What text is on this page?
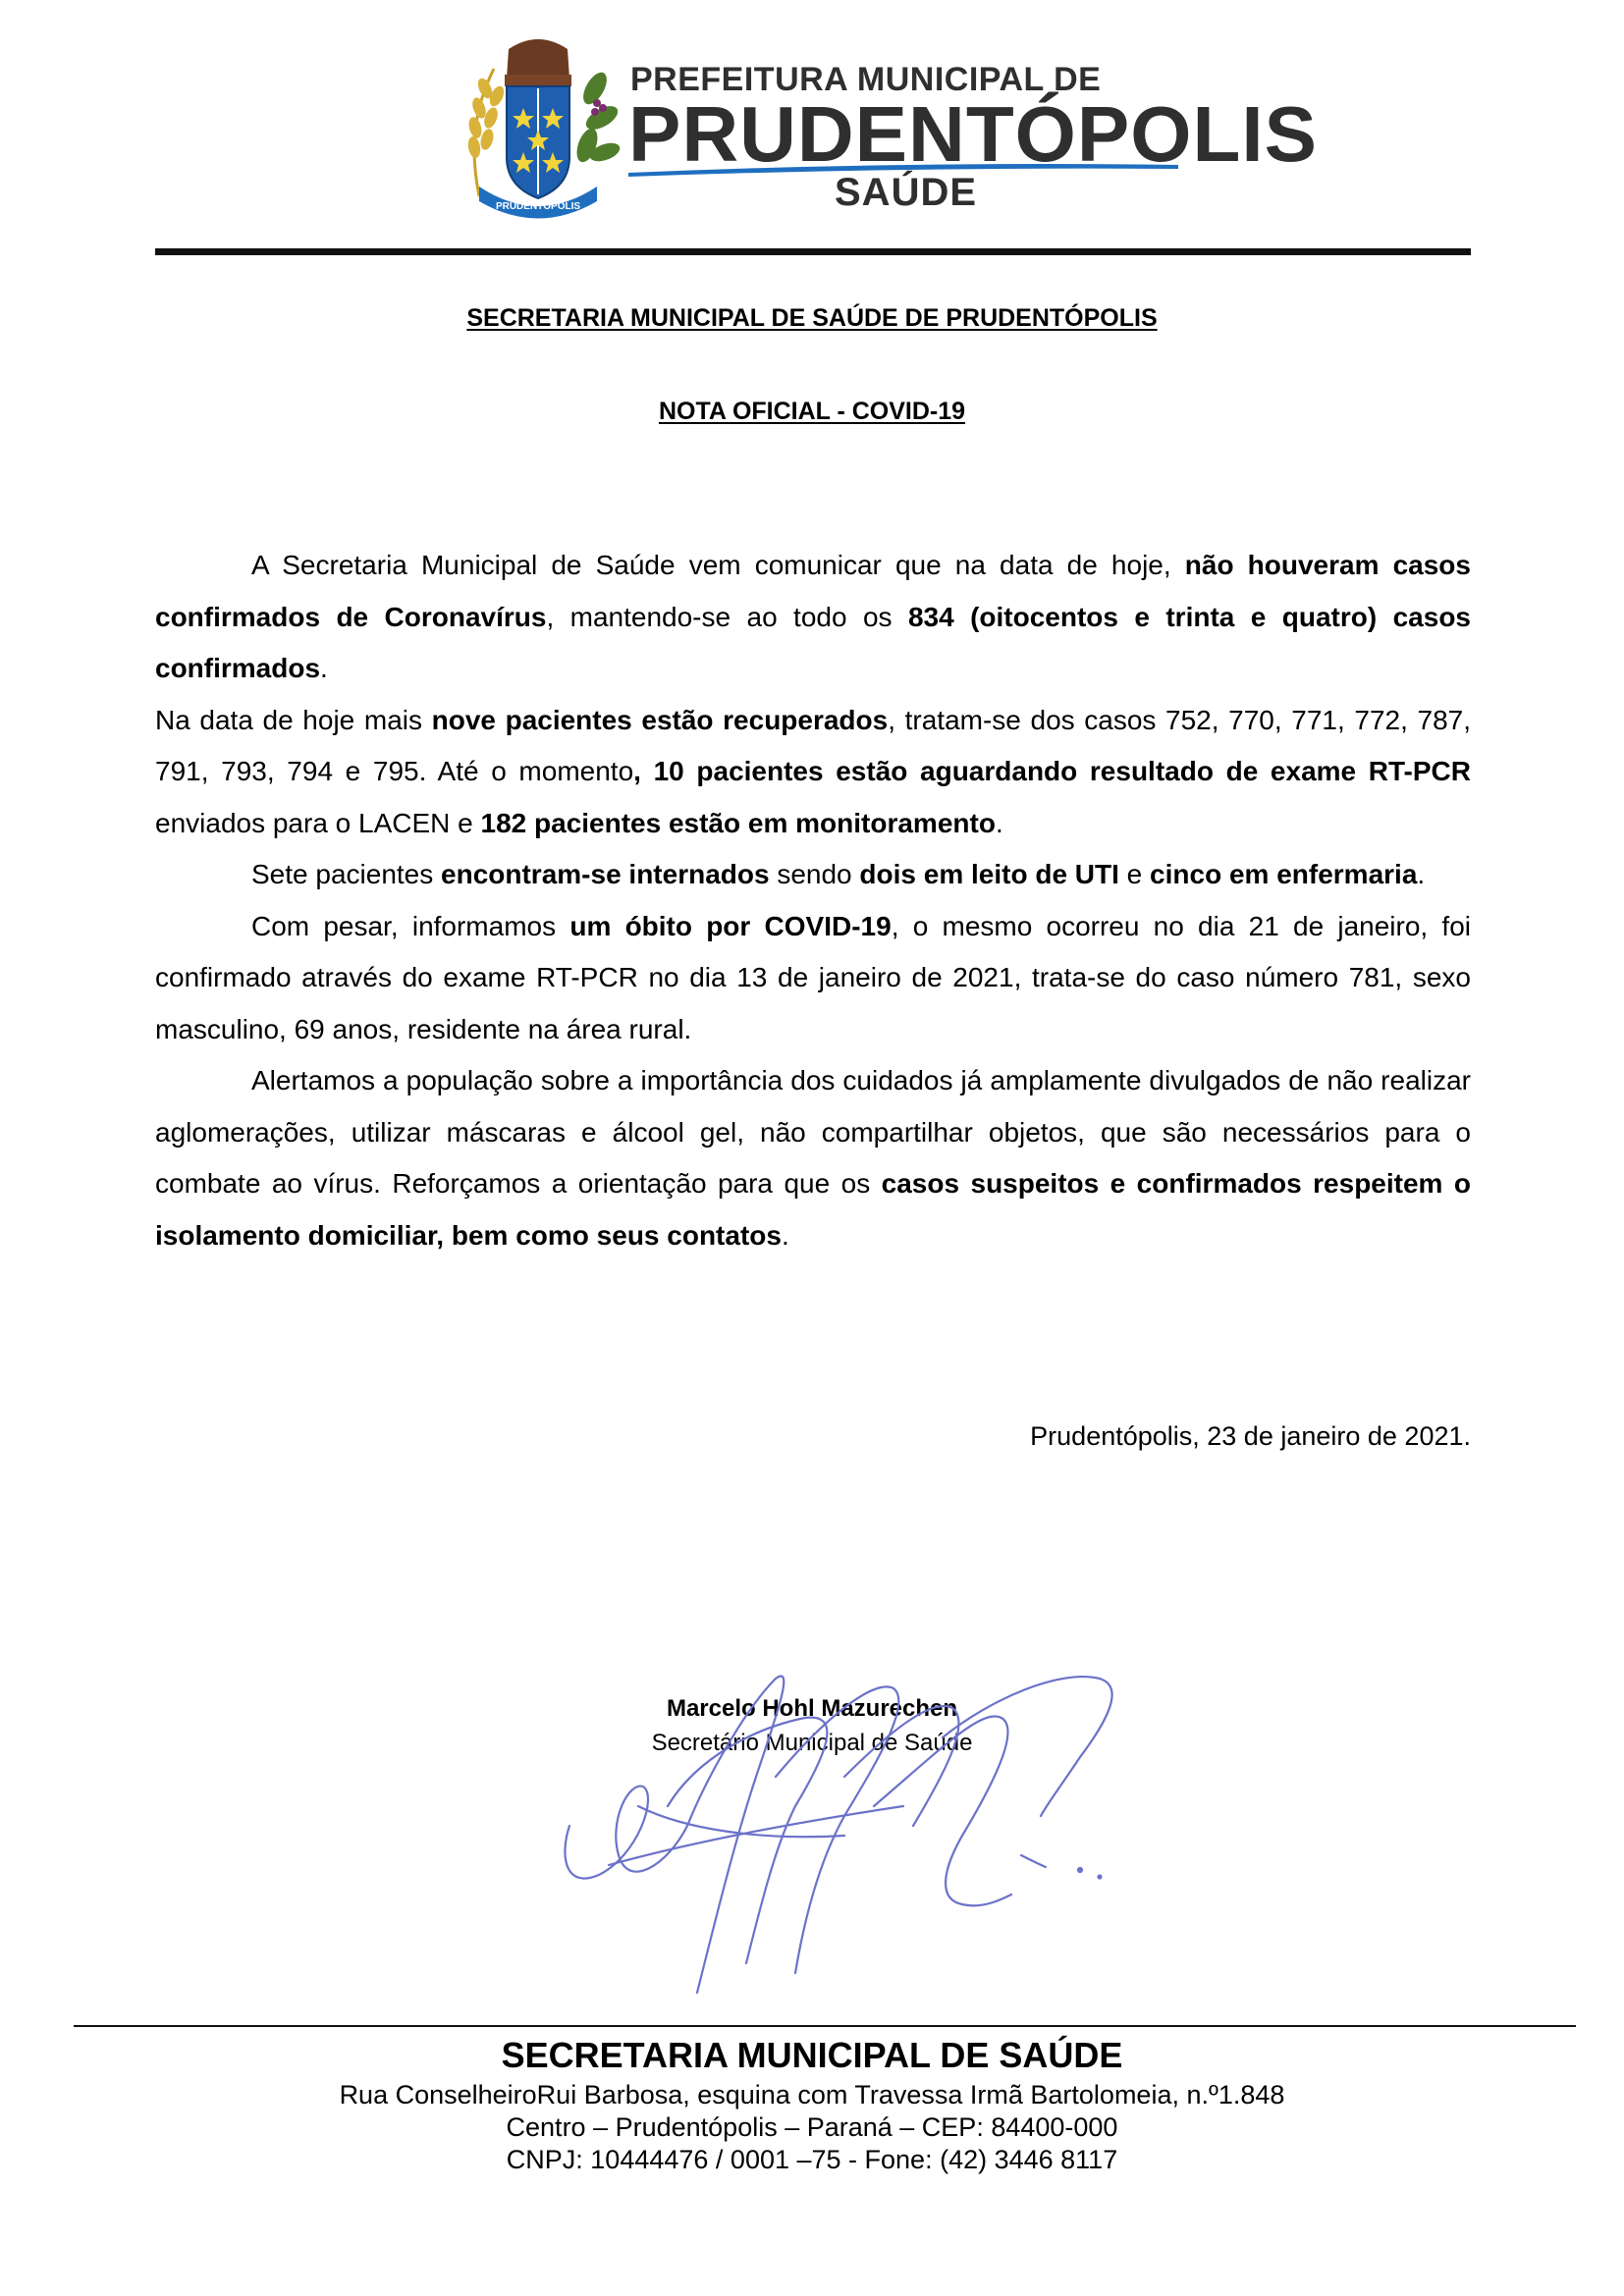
PRUDENTÓPOLIS
PREFEITURA MUNICIPAL DE
PRUDENTÓPOLIS
SAÚDE
SECRETARIA MUNICIPAL DE SAÚDE DE PRUDENTÓPOLIS
NOTA OFICIAL - COVID-19

A Secretaria Municipal de Saúde vem comunicar que na data de hoje, não houveram casos confirmados de Coronavírus, mantendo-se ao todo os 834 (oitocentos e trinta e quatro) casos confirmados.

Na data de hoje mais nove pacientes estão recuperados, tratam-se dos casos 752, 770, 771, 772, 787, 791, 793, 794 e 795. Até o momento, 10 pacientes estão aguardando resultado de exame RT-PCR enviados para o LACEN e 182 pacientes estão em monitoramento.

Sete pacientes encontram-se internados sendo dois em leito de UTI e cinco em enfermaria.

Com pesar, informamos um óbito por COVID-19, o mesmo ocorreu no dia 21 de janeiro, foi confirmado através do exame RT-PCR no dia 13 de janeiro de 2021, trata-se do caso número 781, sexo masculino, 69 anos, residente na área rural.

Alertamos a população sobre a importância dos cuidados já amplamente divulgados de não realizar aglomerações, utilizar máscaras e álcool gel, não compartilhar objetos, que são necessários para o combate ao vírus. Reforçamos a orientação para que os casos suspeitos e confirmados respeitem o isolamento domiciliar, bem como seus contatos.

Prudentópolis, 23 de janeiro de 2021.
Marcelo Hohl Mazurechen
Secretário Municipal de Saúde
SECRETARIA MUNICIPAL DE SAÚDE
Rua ConselheiroRui Barbosa, esquina com Travessa Irmã Bartolomeia, n.º1.848
Centro – Prudentópolis – Paraná – CEP: 84400-000
CNPJ: 10444476 / 0001 –75 - Fone: (42) 3446 8117
